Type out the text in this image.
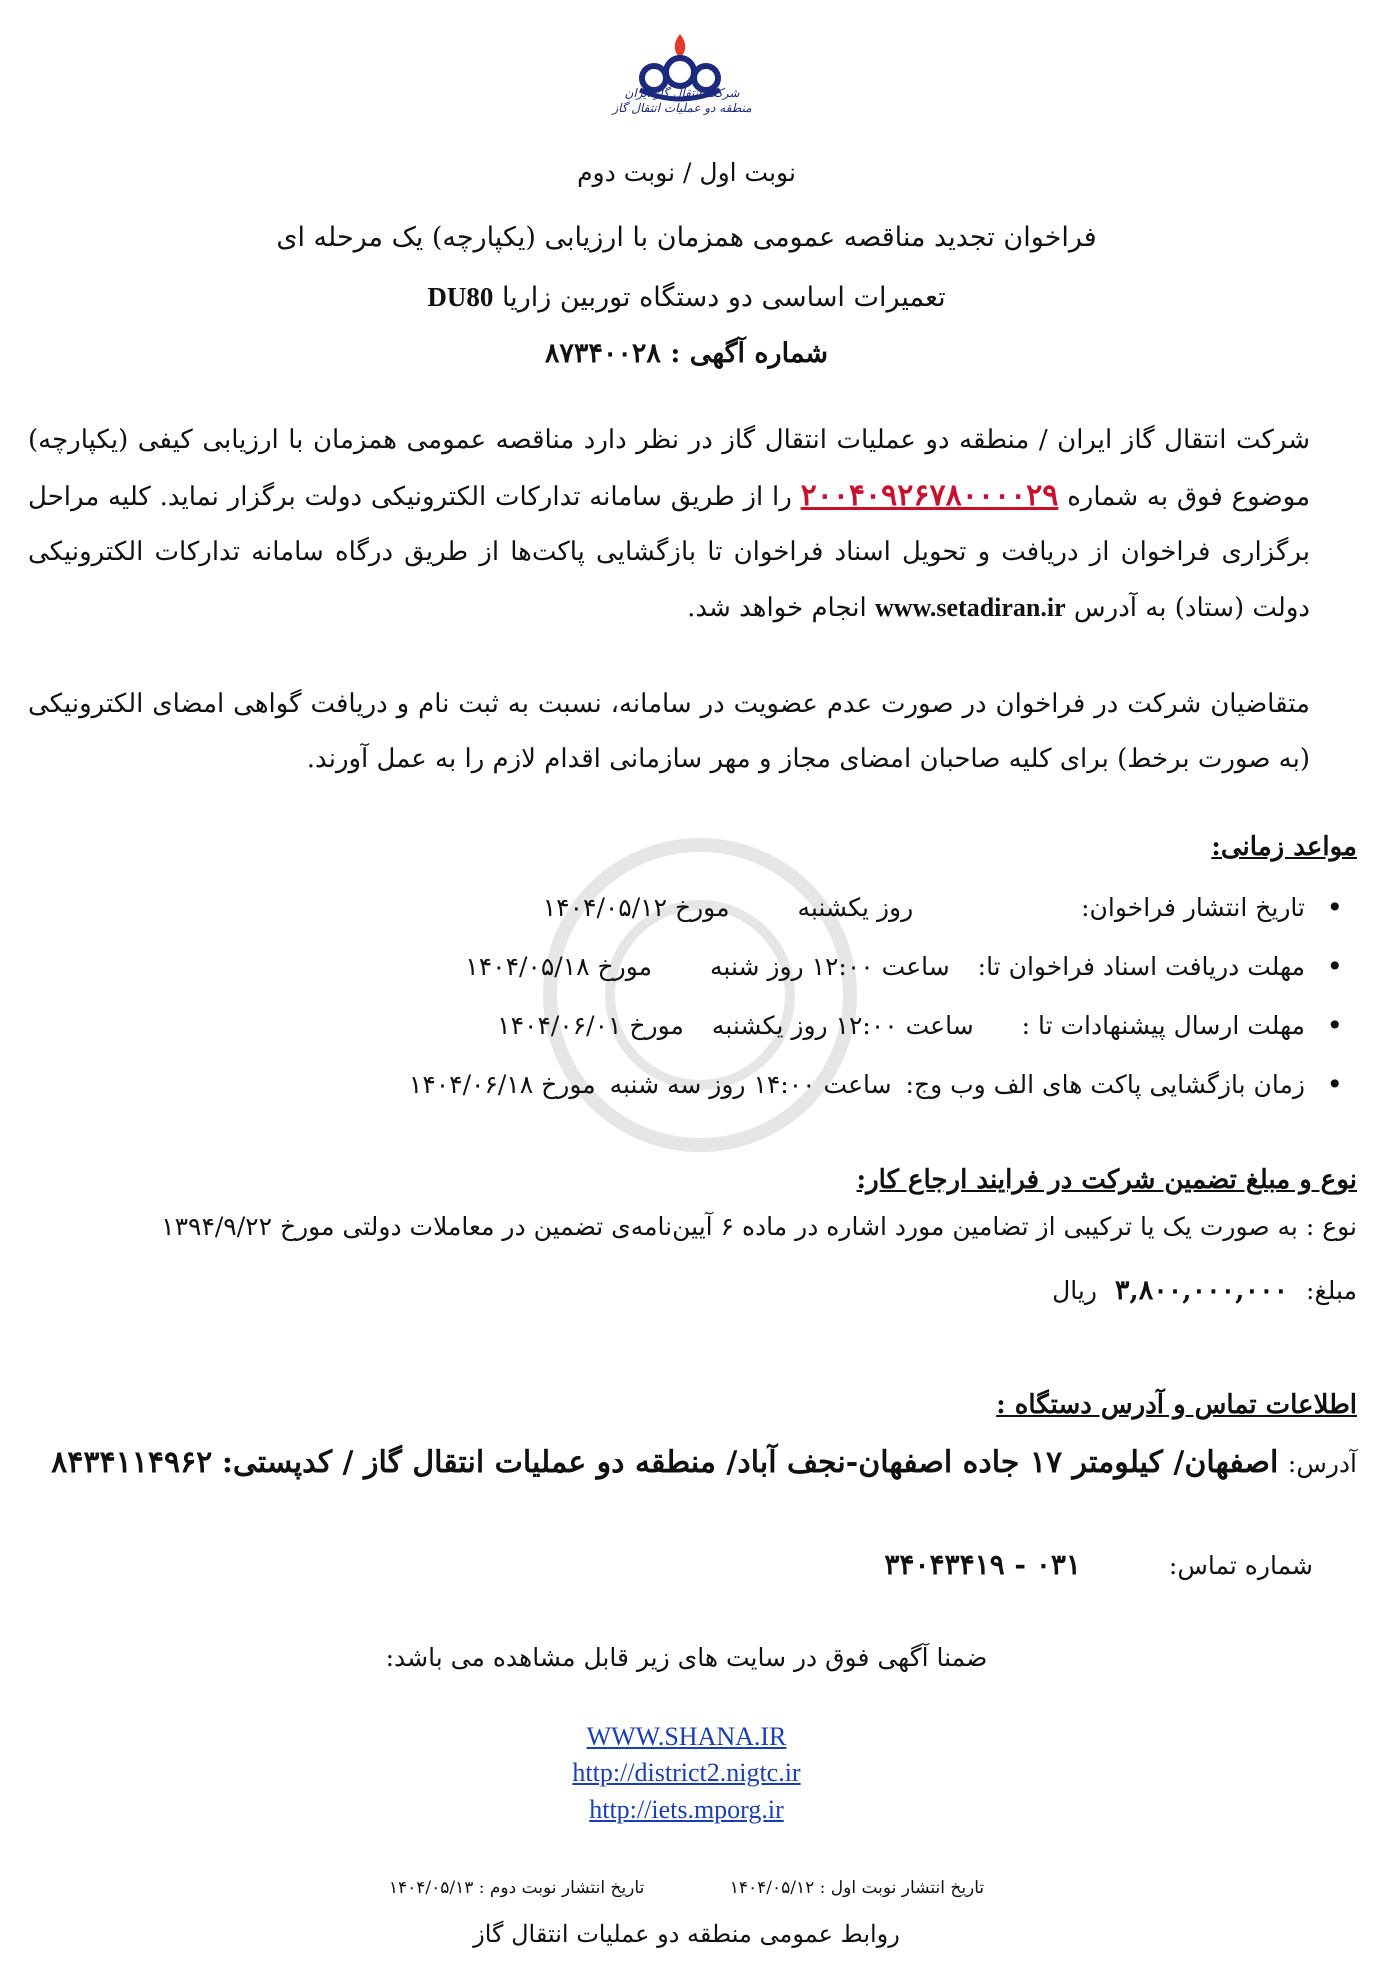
شرکت انتقال گاز ایران
منطقه دو عملیات انتقال گاز
نوبت اول / نوبت دوم
فراخوان تجدید مناقصه عمومی همزمان با ارزیابی (یکپارچه) یک مرحله ای
تعمیرات اساسی دو دستگاه توربین زاریا DU80
شماره آگهی : ۸۷۳۴۰۰۲۸
شرکت انتقال گاز ایران / منطقه دو عملیات انتقال گاز در نظر دارد مناقصه عمومی همزمان با ارزیابی کیفی (یکپارچه) موضوع فوق به شماره ۲۰۰۴۰۹۲۶۷۸۰۰۰۰۲۹ را از طریق سامانه تدارکات الکترونیکی دولت برگزار نماید. کلیه مراحل برگزاری فراخوان از دریافت و تحویل اسناد فراخوان تا بازگشایی پاکت‌ها از طریق درگاه سامانه تدارکات الکترونیکی دولت (ستاد) به آدرس www.setadiran.ir انجام خواهد شد.
متقاضیان شرکت در فراخوان در صورت عدم عضویت در سامانه، نسبت به ثبت نام و دریافت گواهی امضای الکترونیکی (به صورت برخط) برای کلیه صاحبان امضای مجاز و مهر سازمانی اقدام لازم را به عمل آورند.
مواعد زمانی:
• تاریخ انتشار فراخوان: روز یکشنبه مورخ ۱۴۰۴/۰۵/۱۲
• مهلت دریافت اسناد فراخوان تا: ساعت ۱۲:۰۰ روز شنبه مورخ ۱۴۰۴/۰۵/۱۸
• مهلت ارسال پیشنهادات تا : ساعت ۱۲:۰۰ روز یکشنبه مورخ ۱۴۰۴/۰۶/۰۱
• زمان بازگشایی پاکت های الف وب وج: ساعت ۱۴:۰۰ روز سه شنبه مورخ ۱۴۰۴/۰۶/۱۸
نوع و مبلغ تضمین شرکت در فرایند ارجاع کار:
نوع : به صورت یک یا ترکیبی از تضامین مورد اشاره در ماده ۶ آیین‌نامه‌ی تضمین در معاملات دولتی مورخ ۱۳۹۴/۹/۲۲
مبلغ: ۳,۸۰۰,۰۰۰,۰۰۰ ریال
اطلاعات تماس و آدرس دستگاه :
آدرس: اصفهان/ کیلومتر ۱۷ جاده اصفهان-نجف آباد/ منطقه دو عملیات انتقال گاز / کدپستی: ۸۴۳۴۱۱۴۹۶۲
شماره تماس: ۰۳۱ - ۳۴۰۴۳۴۱۹
ضمنا آگهی فوق در سایت های زیر قابل مشاهده می باشد:
WWW.SHANA.IR
http://district2.nigtc.ir
http://iets.mporg.ir
تاریخ انتشار نوبت اول : ۱۴۰۴/۰۵/۱۲ تاریخ انتشار نوبت دوم : ۱۴۰۴/۰۵/۱۳
روابط عمومی منطقه دو عملیات انتقال گاز
